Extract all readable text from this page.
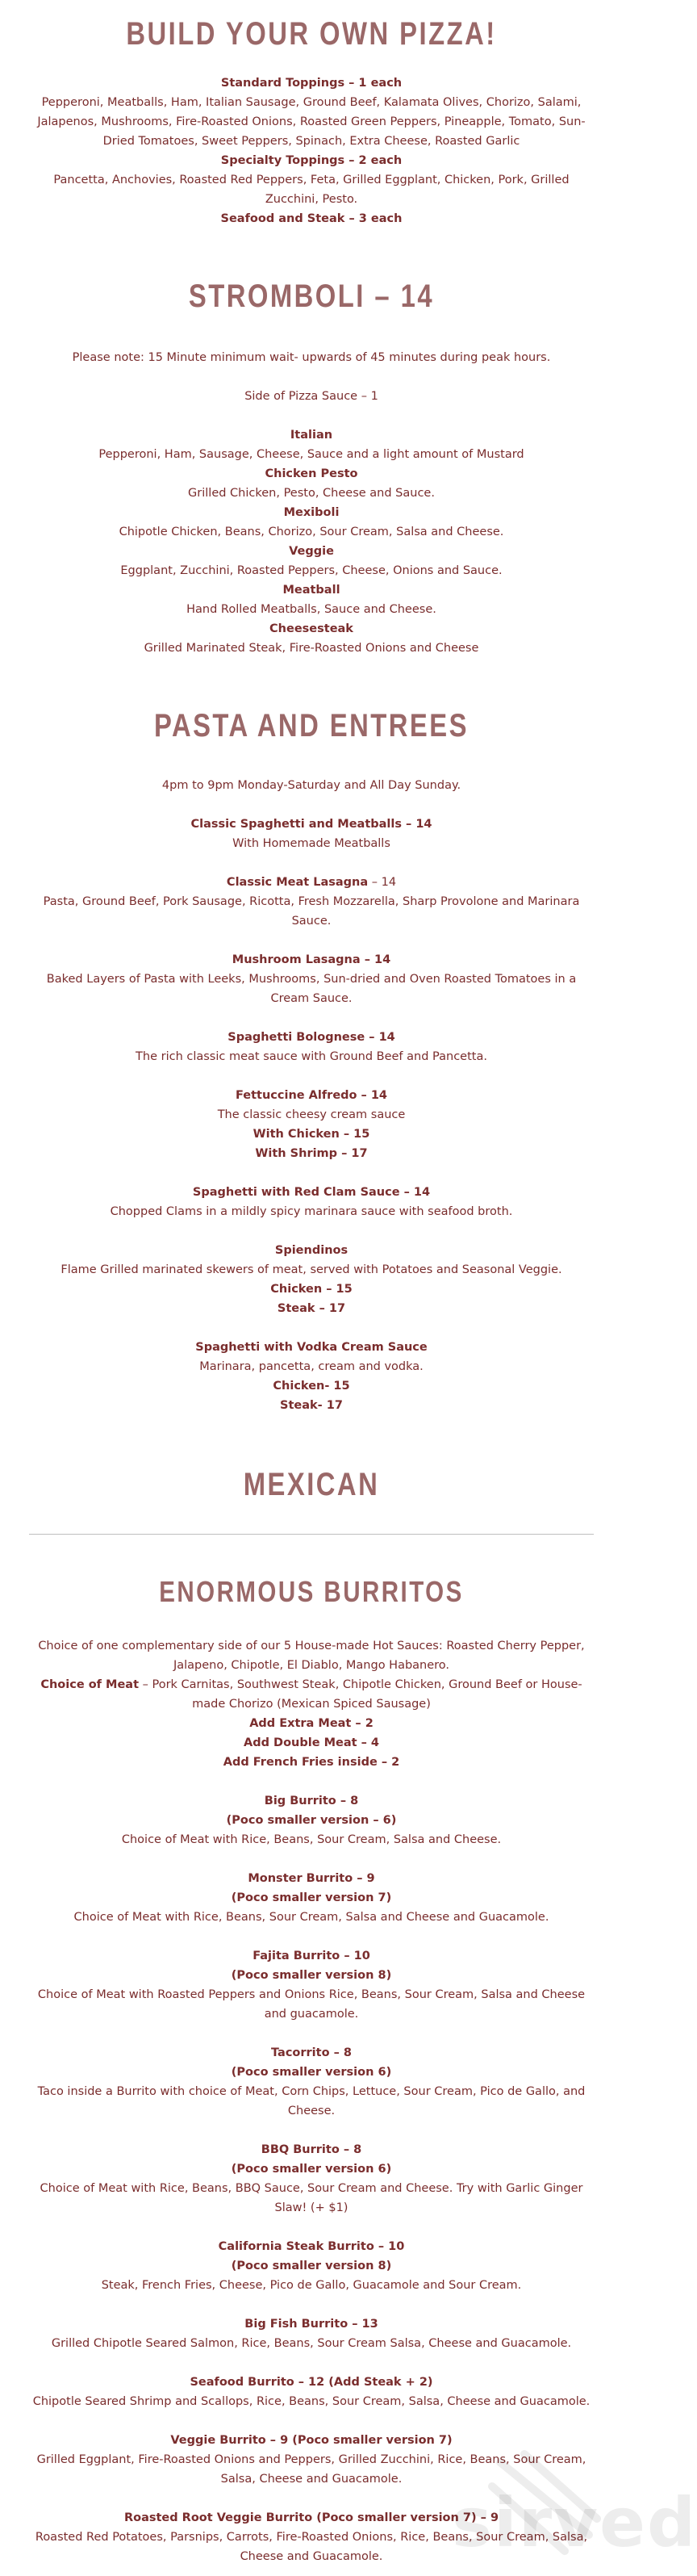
BUILD YOUR OWN PIZZA!
Standard Toppings – 1 each
Pepperoni, Meatballs, Ham, Italian Sausage, Ground Beef, Kalamata Olives, Chorizo, Salami,
Jalapenos, Mushrooms, Fire-Roasted Onions, Roasted Green Peppers, Pineapple, Tomato, Sun-
Dried Tomatoes, Sweet Peppers, Spinach, Extra Cheese, Roasted Garlic
Specialty Toppings – 2 each
Pancetta, Anchovies, Roasted Red Peppers, Feta, Grilled Eggplant, Chicken, Pork, Grilled
Zucchini, Pesto.
Seafood and Steak – 3 each
STROMBOLI – 14
Please note: 15 Minute minimum wait- upwards of 45 minutes during peak hours.
Side of Pizza Sauce – 1
Italian
Pepperoni, Ham, Sausage, Cheese, Sauce and a light amount of Mustard
Chicken Pesto
Grilled Chicken, Pesto, Cheese and Sauce.
Mexiboli
Chipotle Chicken, Beans, Chorizo, Sour Cream, Salsa and Cheese.
Veggie
Eggplant, Zucchini, Roasted Peppers, Cheese, Onions and Sauce.
Meatball
Hand Rolled Meatballs, Sauce and Cheese.
Cheesesteak
Grilled Marinated Steak, Fire-Roasted Onions and Cheese
PASTA AND ENTREES
4pm to 9pm Monday-Saturday and All Day Sunday.
Classic Spaghetti and Meatballs – 14
With Homemade Meatballs
Classic Meat Lasagna – 14
Pasta, Ground Beef, Pork Sausage, Ricotta, Fresh Mozzarella, Sharp Provolone and Marinara
Sauce.
Mushroom Lasagna – 14
Baked Layers of Pasta with Leeks, Mushrooms, Sun-dried and Oven Roasted Tomatoes in a
Cream Sauce.
Spaghetti Bolognese – 14
The rich classic meat sauce with Ground Beef and Pancetta.
Fettuccine Alfredo – 14
The classic cheesy cream sauce
With Chicken – 15
With Shrimp – 17
Spaghetti with Red Clam Sauce – 14
Chopped Clams in a mildly spicy marinara sauce with seafood broth.
Spiendinos
Flame Grilled marinated skewers of meat, served with Potatoes and Seasonal Veggie.
Chicken – 15
Steak – 17
Spaghetti with Vodka Cream Sauce
Marinara, pancetta, cream and vodka.
Chicken- 15
Steak- 17
MEXICAN
ENORMOUS BURRITOS
Choice of one complementary side of our 5 House-made Hot Sauces: Roasted Cherry Pepper,
Jalapeno, Chipotle, El Diablo, Mango Habanero.
Choice of Meat – Pork Carnitas, Southwest Steak, Chipotle Chicken, Ground Beef or House-
made Chorizo (Mexican Spiced Sausage)
Add Extra Meat – 2
Add Double Meat – 4
Add French Fries inside – 2
Big Burrito – 8
(Poco smaller version – 6)
Choice of Meat with Rice, Beans, Sour Cream, Salsa and Cheese.
Monster Burrito – 9
(Poco smaller version 7)
Choice of Meat with Rice, Beans, Sour Cream, Salsa and Cheese and Guacamole.
Fajita Burrito – 10
(Poco smaller version 8)
Choice of Meat with Roasted Peppers and Onions Rice, Beans, Sour Cream, Salsa and Cheese
and guacamole.
Tacorrito – 8
(Poco smaller version 6)
Taco inside a Burrito with choice of Meat, Corn Chips, Lettuce, Sour Cream, Pico de Gallo, and
Cheese.
BBQ Burrito – 8
(Poco smaller version 6)
Choice of Meat with Rice, Beans, BBQ Sauce, Sour Cream and Cheese. Try with Garlic Ginger
Slaw! (+ $1)
California Steak Burrito – 10
(Poco smaller version 8)
Steak, French Fries, Cheese, Pico de Gallo, Guacamole and Sour Cream.
Big Fish Burrito – 13
Grilled Chipotle Seared Salmon, Rice, Beans, Sour Cream Salsa, Cheese and Guacamole.
Seafood Burrito – 12 (Add Steak + 2)
Chipotle Seared Shrimp and Scallops, Rice, Beans, Sour Cream, Salsa, Cheese and Guacamole.
Veggie Burrito – 9 (Poco smaller version 7)
Grilled Eggplant, Fire-Roasted Onions and Peppers, Grilled Zucchini, Rice, Beans, Sour Cream,
Salsa, Cheese and Guacamole.
Roasted Root Veggie Burrito (Poco smaller version 7) – 9
Roasted Red Potatoes, Parsnips, Carrots, Fire-Roasted Onions, Rice, Beans, Sour Cream, Salsa,
Cheese and Guacamole.	sirved
